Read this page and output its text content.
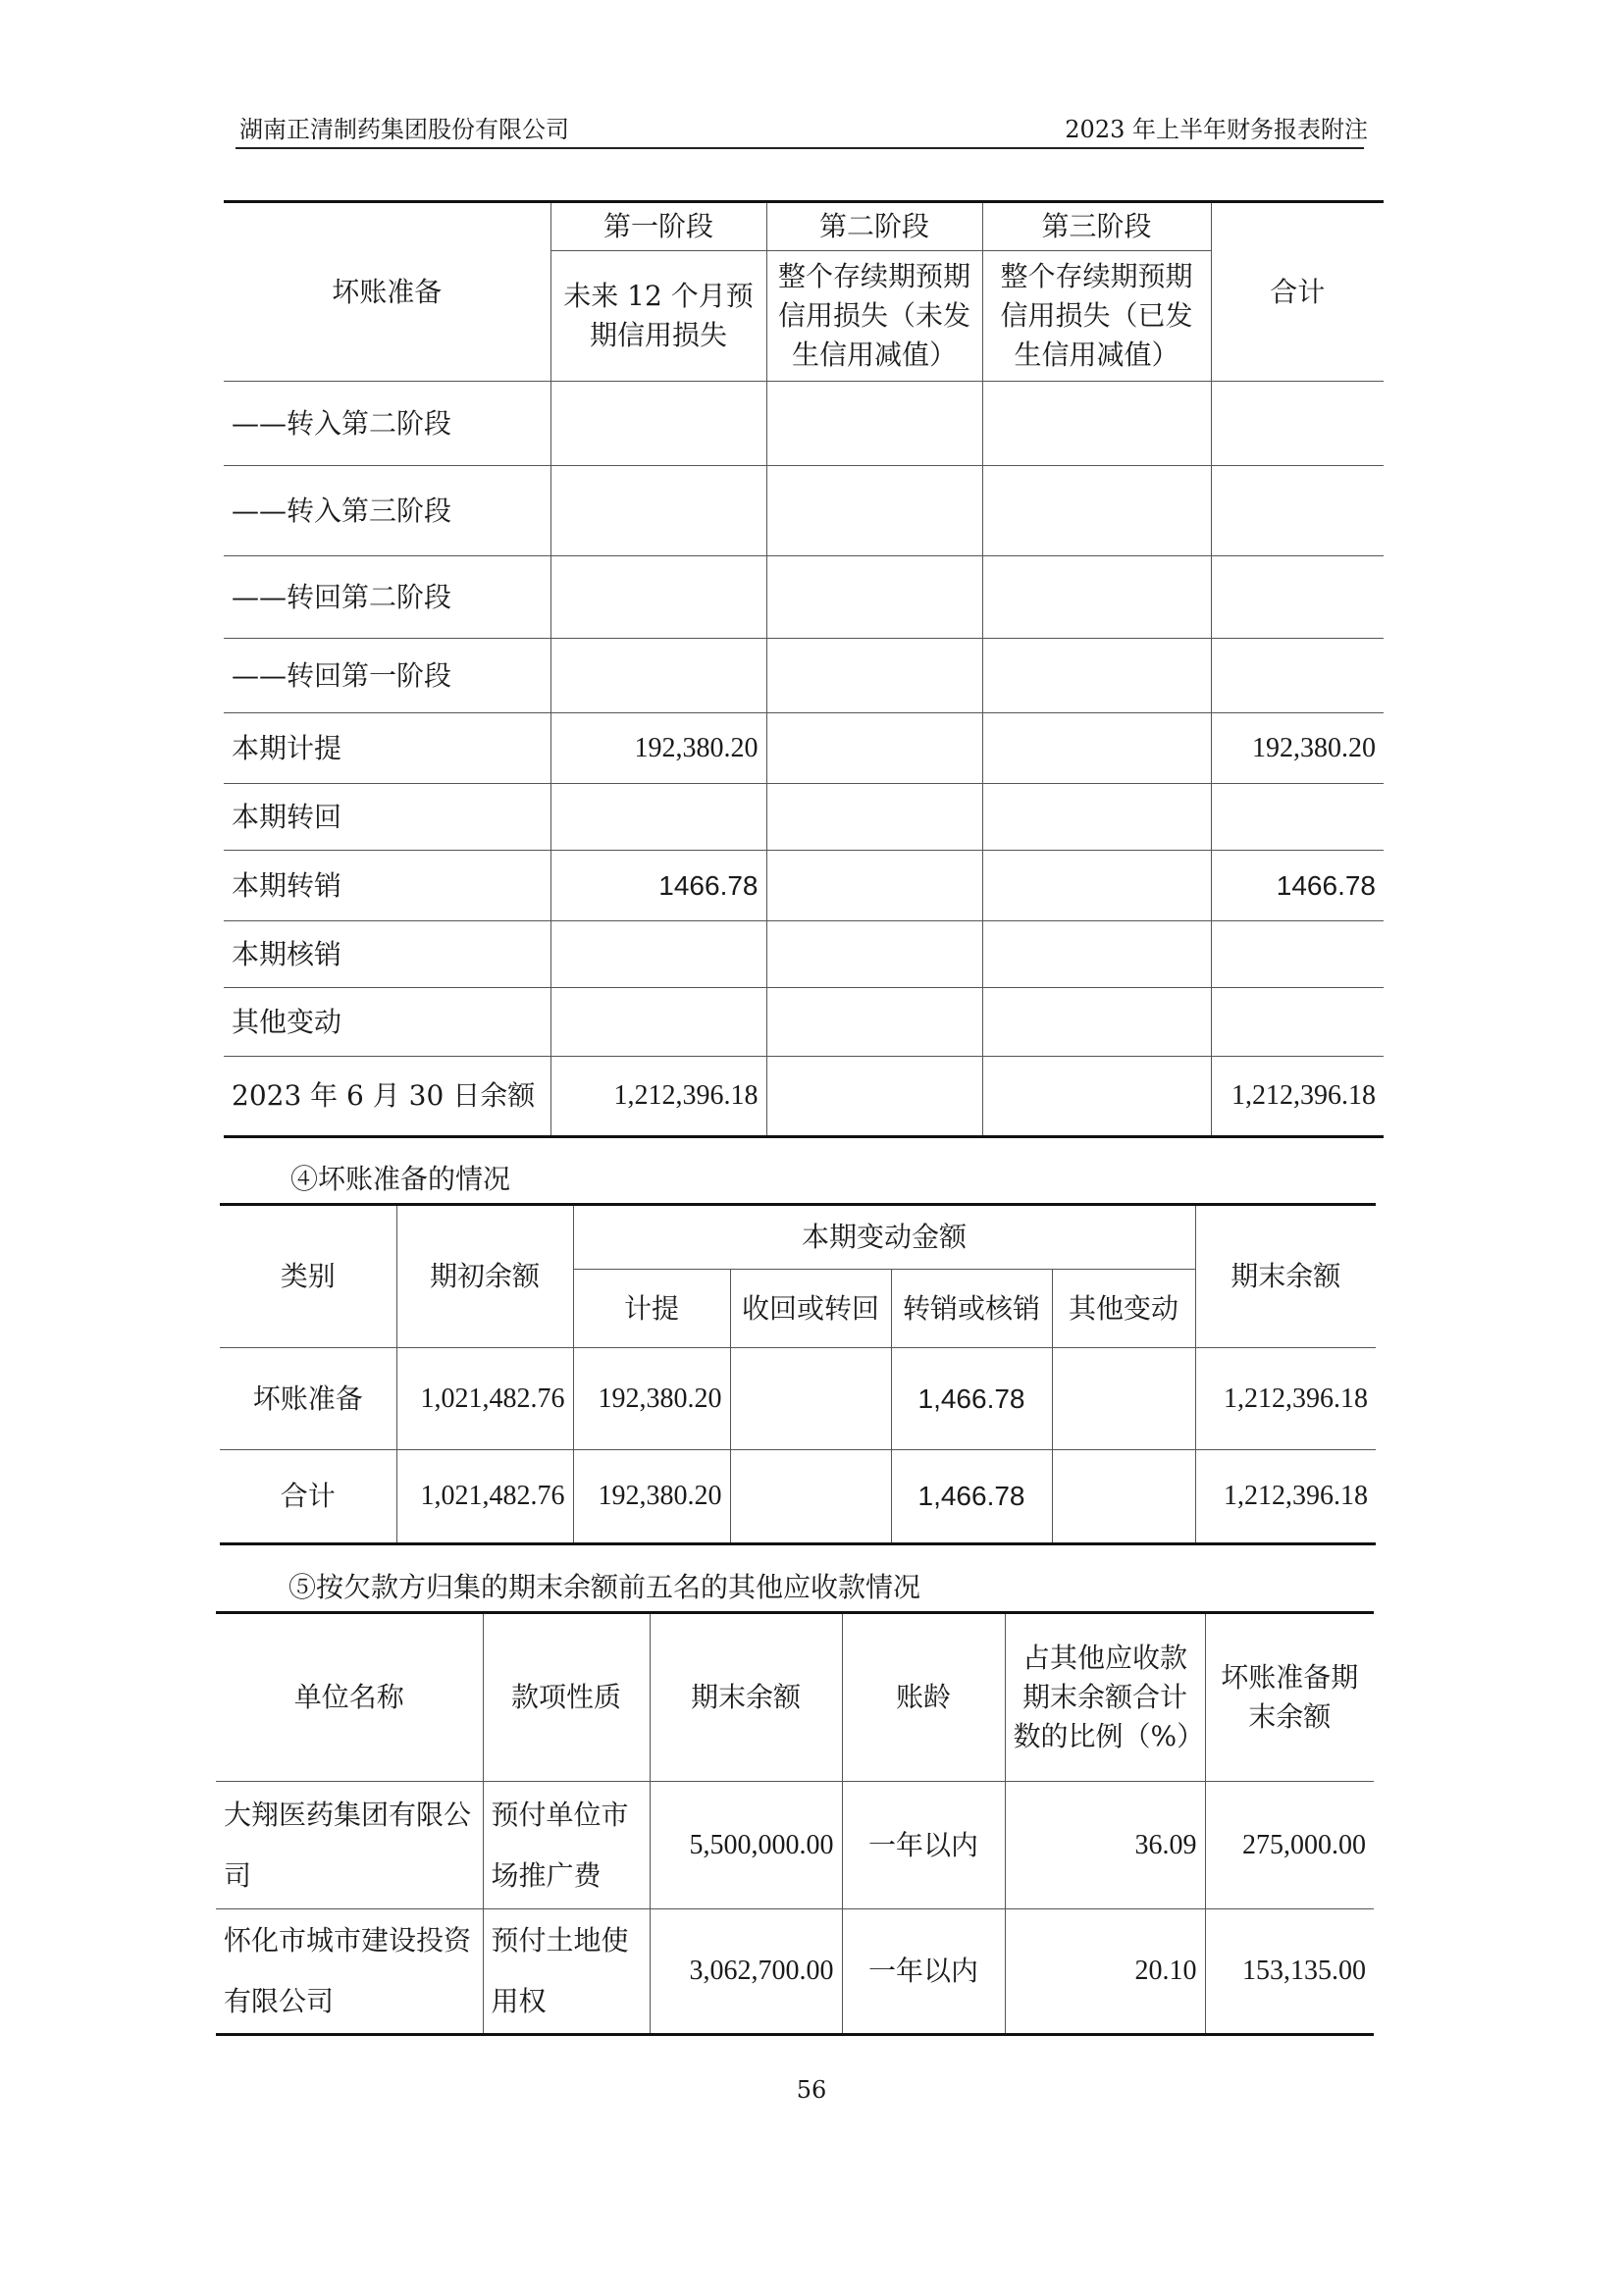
湖南正清制药集团股份有限公司	2023 年上半年财务报表附注
坏账准备	第一阶段	第二阶段	第三阶段	合计
	未来 12 个月预期信用损失	整个存续期预期信用损失（未发生信用减值）	整个存续期预期信用损失（已发生信用减值）	
——转入第二阶段				
——转入第三阶段				
——转回第二阶段				
——转回第一阶段				
本期计提	192,380.20			192,380.20
本期转回				
本期转销	1466.78			1466.78
本期核销				
其他变动				
2023 年 6 月 30 日余额	1,212,396.18			1,212,396.18
④坏账准备的情况
类别	期初余额	本期变动金额				期末余额
		计提	收回或转回	转销或核销	其他变动	
坏账准备	1,021,482.76	192,380.20		1,466.78		1,212,396.18
合计	1,021,482.76	192,380.20		1,466.78		1,212,396.18
⑤按欠款方归集的期末余额前五名的其他应收款情况
单位名称	款项性质	期末余额	账龄	占其他应收款期末余额合计数的比例（%）	坏账准备期末余额
大翔医药集团有限公司	预付单位市场推广费	5,500,000.00	一年以内	36.09	275,000.00
怀化市城市建设投资有限公司	预付土地使用权	3,062,700.00	一年以内	20.10	153,135.00
56
